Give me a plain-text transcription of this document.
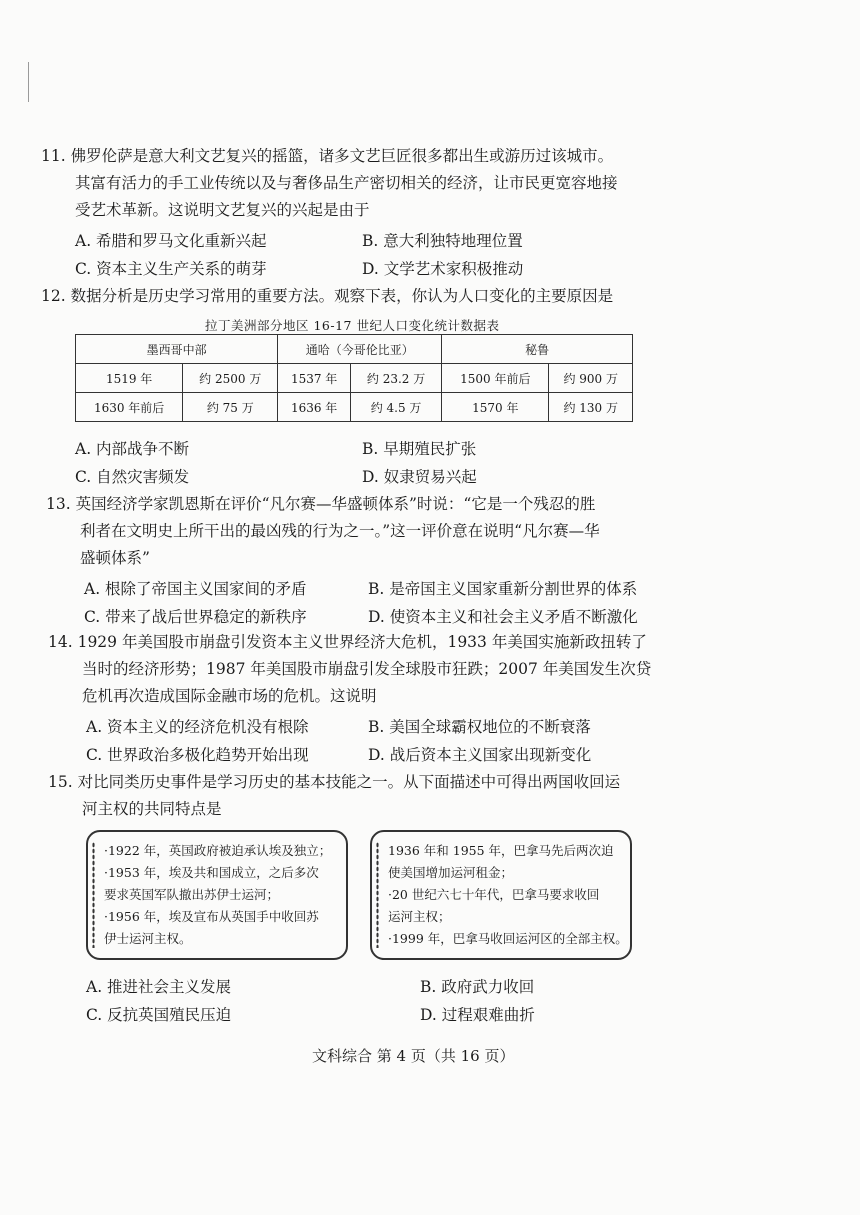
11. 佛罗伦萨是意大利文艺复兴的摇篮，诸多文艺巨匠很多都出生或游历过该城市。
其富有活力的手工业传统以及与奢侈品生产密切相关的经济，让市民更宽容地接
受艺术革新。这说明文艺复兴的兴起是由于
A. 希腊和罗马文化重新兴起	B. 意大利独特地理位置
C. 资本主义生产关系的萌芽	D. 文学艺术家积极推动
12. 数据分析是历史学习常用的重要方法。观察下表，你认为人口变化的主要原因是
拉丁美洲部分地区 16-17 世纪人口变化统计数据表
墨西哥中部		通哈（今哥伦比亚）		秘鲁	
1519 年	约 2500 万	1537 年	约 23.2 万	1500 年前后	约 900 万
1630 年前后	约 75 万	1636 年	约 4.5 万	1570 年	约 130 万
A. 内部战争不断	B. 早期殖民扩张
C. 自然灾害频发	D. 奴隶贸易兴起
13. 英国经济学家凯恩斯在评价“凡尔赛—华盛顿体系”时说：“它是一个残忍的胜
利者在文明史上所干出的最凶残的行为之一。”这一评价意在说明“凡尔赛—华
盛顿体系”
A. 根除了帝国主义国家间的矛盾	B. 是帝国主义国家重新分割世界的体系
C. 带来了战后世界稳定的新秩序	D. 使资本主义和社会主义矛盾不断激化
14. 1929 年美国股市崩盘引发资本主义世界经济大危机，1933 年美国实施新政扭转了
当时的经济形势；1987 年美国股市崩盘引发全球股市狂跌；2007 年美国发生次贷
危机再次造成国际金融市场的危机。这说明
A. 资本主义的经济危机没有根除	B. 美国全球霸权地位的不断衰落
C. 世界政治多极化趋势开始出现	D. 战后资本主义国家出现新变化
15. 对比同类历史事件是学习历史的基本技能之一。从下面描述中可得出两国收回运
河主权的共同特点是

·1922 年，英国政府被迫承认埃及独立；

·1953 年，埃及共和国成立，之后多次

要求英国军队撤出苏伊士运河；

·1956 年，埃及宣布从英国手中收回苏

伊士运河主权。

1936 年和 1955 年，巴拿马先后两次迫

使美国增加运河租金；

·20 世纪六七十年代，巴拿马要求收回

运河主权；

·1999 年，巴拿马收回运河区的全部主权。

A. 推进社会主义发展	B. 政府武力收回
C. 反抗英国殖民压迫	D. 过程艰难曲折
文科综合 第 4 页（共 16 页）
